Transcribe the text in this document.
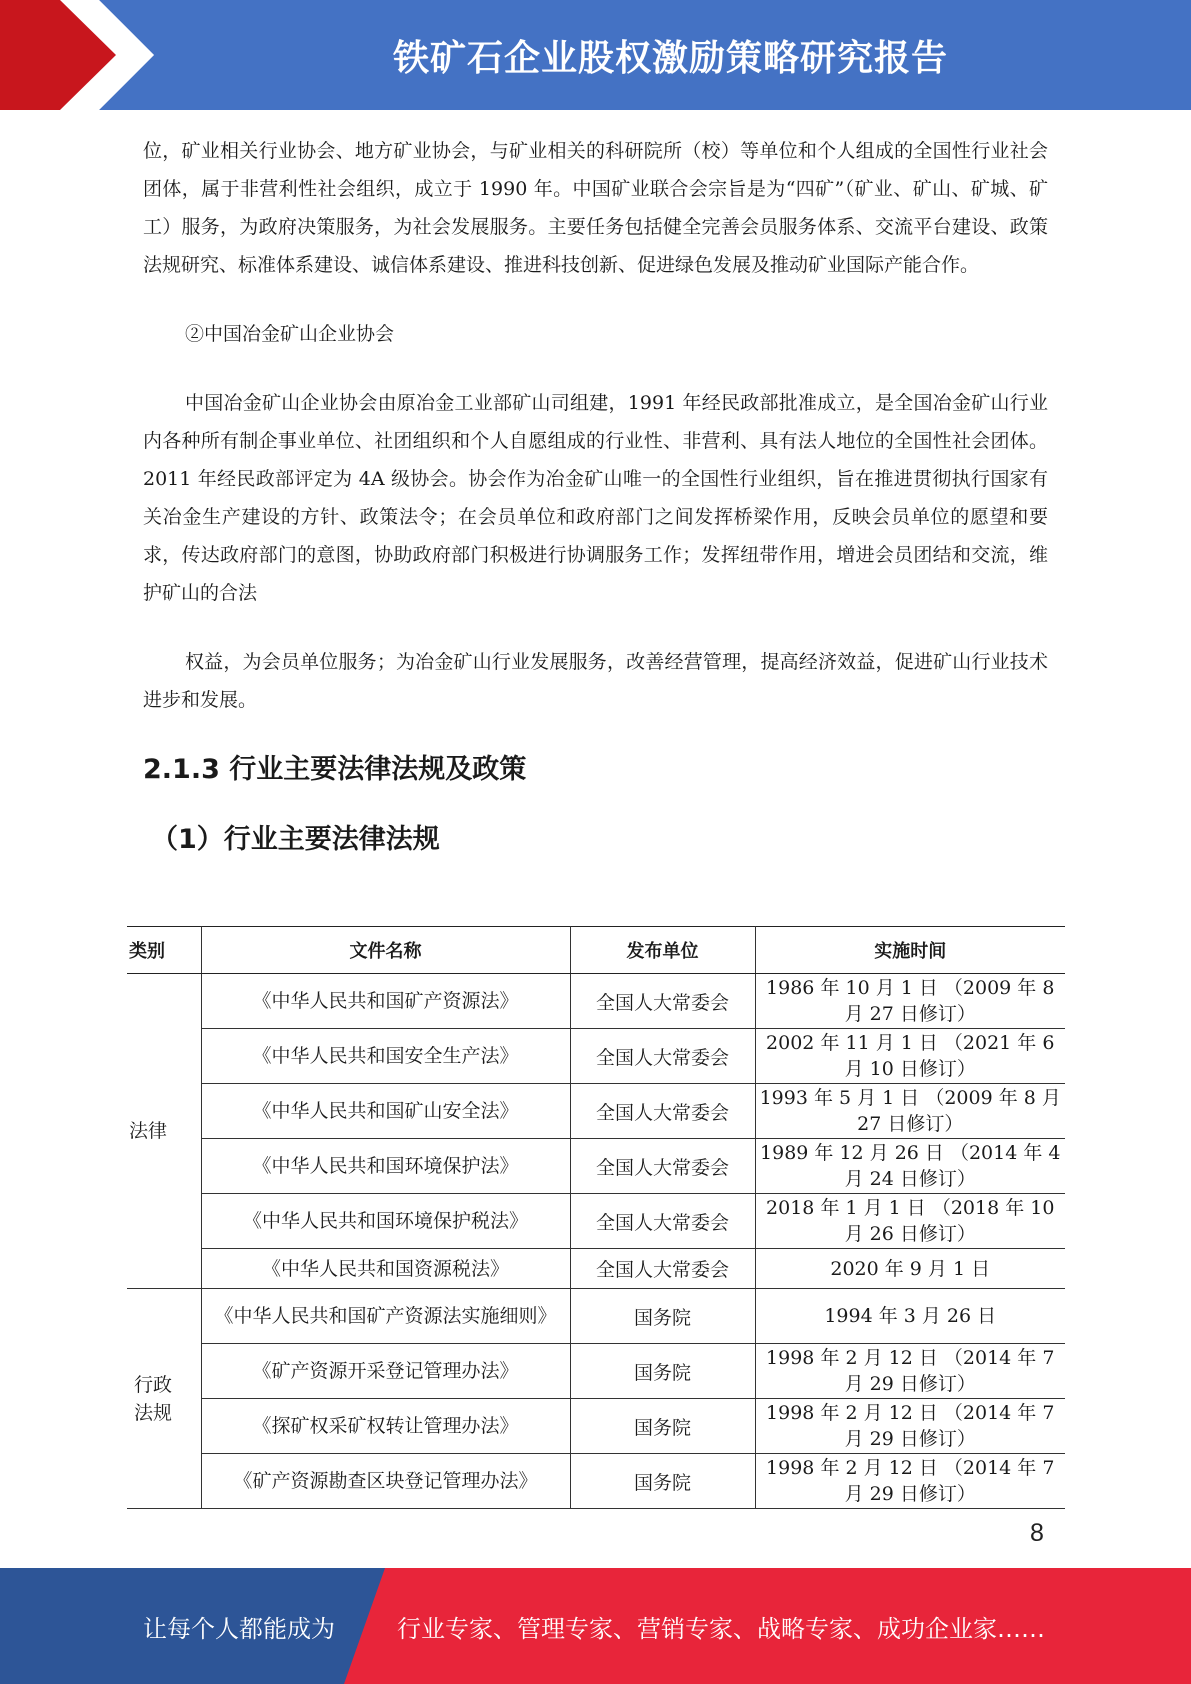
铁矿石企业股权激励策略研究报告

位，矿业相关行业协会、地方矿业协会，与矿业相关的科研院所（校）等单位和个人组成的全国性行业社会团体，属于非营利性社会组织，成立于 1990 年。中国矿业联合会宗旨是为“四矿”（矿业、矿山、矿城、矿工）服务，为政府决策服务，为社会发展服务。主要任务包括健全完善会员服务体系、交流平台建设、政策法规研究、标准体系建设、诚信体系建设、推进科技创新、促进绿色发展及推动矿业国际产能合作。

②中国冶金矿山企业协会

中国冶金矿山企业协会由原冶金工业部矿山司组建，1991 年经民政部批准成立，是全国冶金矿山行业内各种所有制企事业单位、社团组织和个人自愿组成的行业性、非营利、具有法人地位的全国性社会团体。2011 年经民政部评定为 4A 级协会。协会作为冶金矿山唯一的全国性行业组织，旨在推进贯彻执行国家有关冶金生产建设的方针、政策法令；在会员单位和政府部门之间发挥桥梁作用，反映会员单位的愿望和要求，传达政府部门的意图，协助政府部门积极进行协调服务工作；发挥纽带作用，增进会员团结和交流，维护矿山的合法

权益，为会员单位服务；为冶金矿山行业发展服务，改善经营管理，提高经济效益，促进矿山行业技术进步和发展。

2.1.3 行业主要法律法规及政策
（1）行业主要法律法规
类别	文件名称	发布单位	实施时间
法律	《中华人民共和国矿产资源法》	全国人大常委会	1986 年 10 月 1 日 （2009 年 8 月 27 日修订）
	《中华人民共和国安全生产法》	全国人大常委会	2002 年 11 月 1 日 （2021 年 6 月 10 日修订）
	《中华人民共和国矿山安全法》	全国人大常委会	1993 年 5 月 1 日 （2009 年 8 月 27 日修订）
	《中华人民共和国环境保护法》	全国人大常委会	1989 年 12 月 26 日 （2014 年 4 月 24 日修订）
	《中华人民共和国环境保护税法》	全国人大常委会	2018 年 1 月 1 日 （2018 年 10 月 26 日修订）
	《中华人民共和国资源税法》	全国人大常委会	2020 年 9 月 1 日
行政法规	《中华人民共和国矿产资源法实施细则》	国务院	1994 年 3 月 26 日
	《矿产资源开采登记管理办法》	国务院	1998 年 2 月 12 日 （2014 年 7 月 29 日修订）
	《探矿权采矿权转让管理办法》	国务院	1998 年 2 月 12 日 （2014 年 7 月 29 日修订）
	《矿产资源勘查区块登记管理办法》	国务院	1998 年 2 月 12 日 （2014 年 7 月 29 日修订）
8
让每个人都能成为	行业专家、管理专家、营销专家、战略专家、成功企业家……
